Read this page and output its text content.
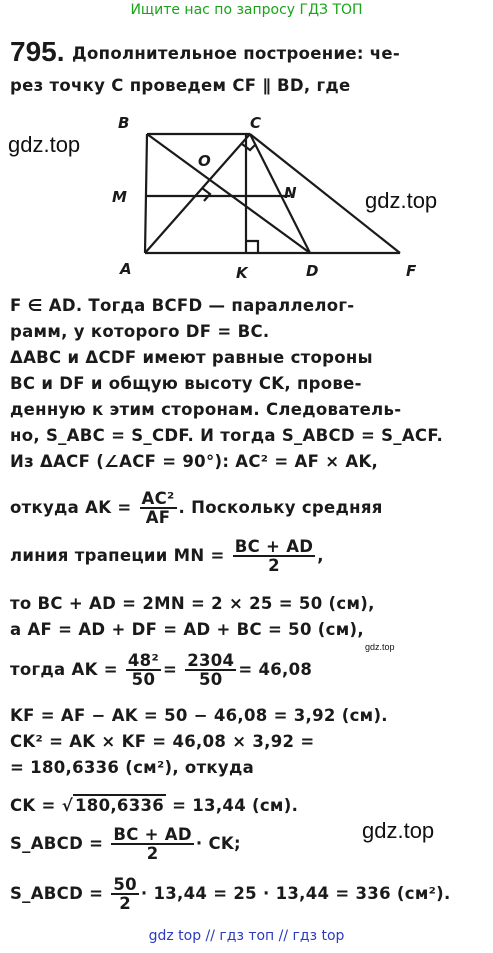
Ищите нас по запросу ГДЗ ТОП
795. Дополнительное построение: че-
рез точку C проведем CF ∥ BD, где
gdz.top
gdz.top
B	C
O
M	N
A	K	D	F
F ∈ AD. Тогда BCFD — параллелог-
рамм, у которого DF = BC.
ΔABC и ΔCDF имеют равные стороны
BC и DF и общую высоту CK, прове-
денную к этим сторонам. Следователь-
но, S_ABC = S_CDF. И тогда S_ABCD = S_ACF.
Из ΔACF (∠ACF = 90°): AC² = AF × AK,
откуда AK = $\frac{\text{AC²}}{AF}$ . Поскольку средняя
линия трапеции MN = $\frac{BC + AD}{2}$ ,
то BC + AD = 2MN = 2 × 25 = 50 (см),
а AF = AD + DF = AD + BC = 50 (см),
gdz.top
тогда AK = $\frac{\text{48²}}{50} = \frac{2304}{50} = 46,08$
KF = AF − AK = 50 − 46,08 = 3,92 (см).
CK² = AK × KF = 46,08 × 3,92 =
= 180,6336 (см²), откуда
CK = √ 180,6336 = 13,44 (см).
gdz.top
S_ABCD = $\frac{BC + AD}{2}$ · CK;
S_ABCD = $\frac{50}{2} \cdot 13,44 = 25 \cdot 13,44 = 336$ (см²).
gdz top // гдз топ // гдз top
